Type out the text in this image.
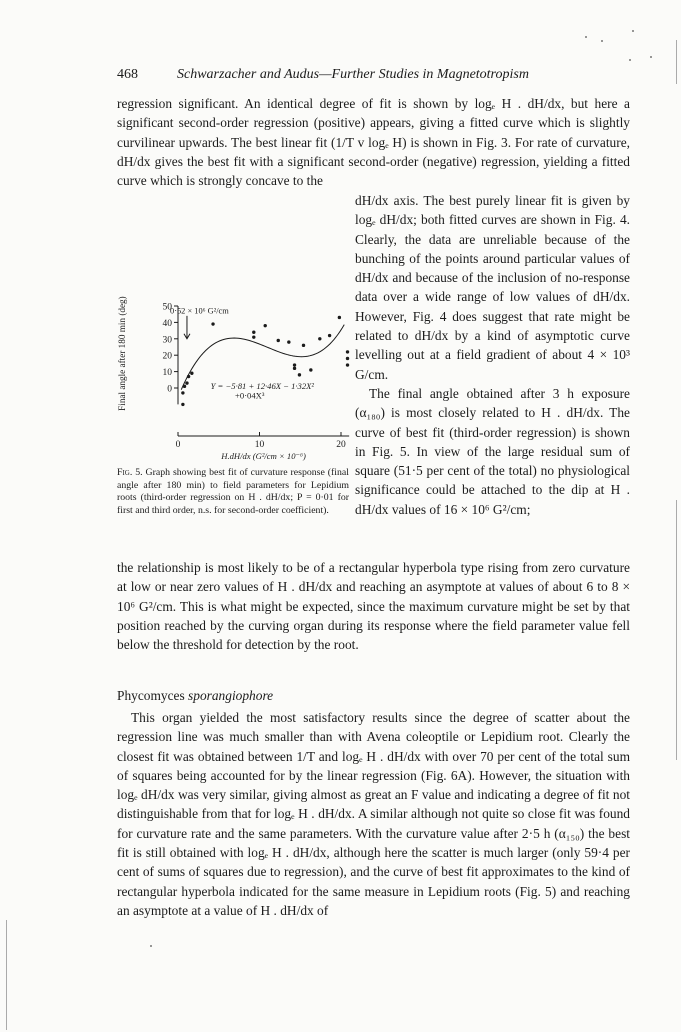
468	Schwarzacher and Audus—Further Studies in Magnetotropism

regression significant. An identical degree of fit is shown by logₑ H . dH/dx, but here a significant second-order regression (positive) appears, giving a fitted curve which is slightly curvilinear upwards. The best linear fit (1/T v logₑ H) is shown in Fig. 3. For rate of curvature, dH/dx gives the best fit with a significant second-order (negative) regression, yielding a fitted curve which is strongly concave to the

dH/dx axis. The best purely linear fit is given by logₑ dH/dx; both fitted curves are shown in Fig. 4. Clearly, the data are unreliable because of the bunching of the points around particular values of dH/dx and because of the inclusion of no-response data over a wide range of low values of dH/dx. However, Fig. 4 does suggest that rate might be related to dH/dx by a kind of asymptotic curve levelling out at a field gradient of about 4 × 10³ G/cm.

The final angle obtained after 3 h exposure (α₁₈₀) is most closely related to H . dH/dx. The curve of best fit (third-order regression) is shown in Fig. 5. In view of the large residual sum of square (51·5 per cent of the total) no physiological significance could be attached to the dip at H . dH/dx values of 16 × 10⁶ G²/cm;

50
40
30
20
10
0
0	10	20
H.dH/dx (G²/cm × 10⁻⁶)
Final angle after 180 min (deg)	0·52 × 10⁶ G²/cm
Y = −5·81 + 12·46X − 1·32X²
+0·04X³
Fig. 5. Graph showing best fit of curvature response (final angle after 180 min) to field parameters for Lepidium roots (third-order regression on H . dH/dx; P = 0·01 for first and third order, n.s. for second-order coefficient).

the relationship is most likely to be of a rectangular hyperbola type rising from zero curvature at low or near zero values of H . dH/dx and reaching an asymptote at values of about 6 to 8 × 10⁶ G²/cm. This is what might be expected, since the maximum curvature might be set by that position reached by the curving organ during its response where the field parameter value fell below the threshold for detection by the root.

Phycomyces sporangiophore

This organ yielded the most satisfactory results since the degree of scatter about the regression line was much smaller than with Avena coleoptile or Lepidium root. Clearly the closest fit was obtained between 1/T and logₑ H . dH/dx with over 70 per cent of the total sum of squares being accounted for by the linear regression (Fig. 6A). However, the situation with logₑ dH/dx was very similar, giving almost as great an F value and indicating a degree of fit not distinguishable from that for logₑ H . dH/dx. A similar although not quite so close fit was found for curvature rate and the same parameters. With the curvature value after 2·5 h (α₁₅₀) the best fit is still obtained with logₑ H . dH/dx, although here the scatter is much larger (only 59·4 per cent of sums of squares due to regression), and the curve of best fit approximates to the kind of rectangular hyperbola indicated for the same measure in Lepidium roots (Fig. 5) and reaching an asymptote at a value of H . dH/dx of
